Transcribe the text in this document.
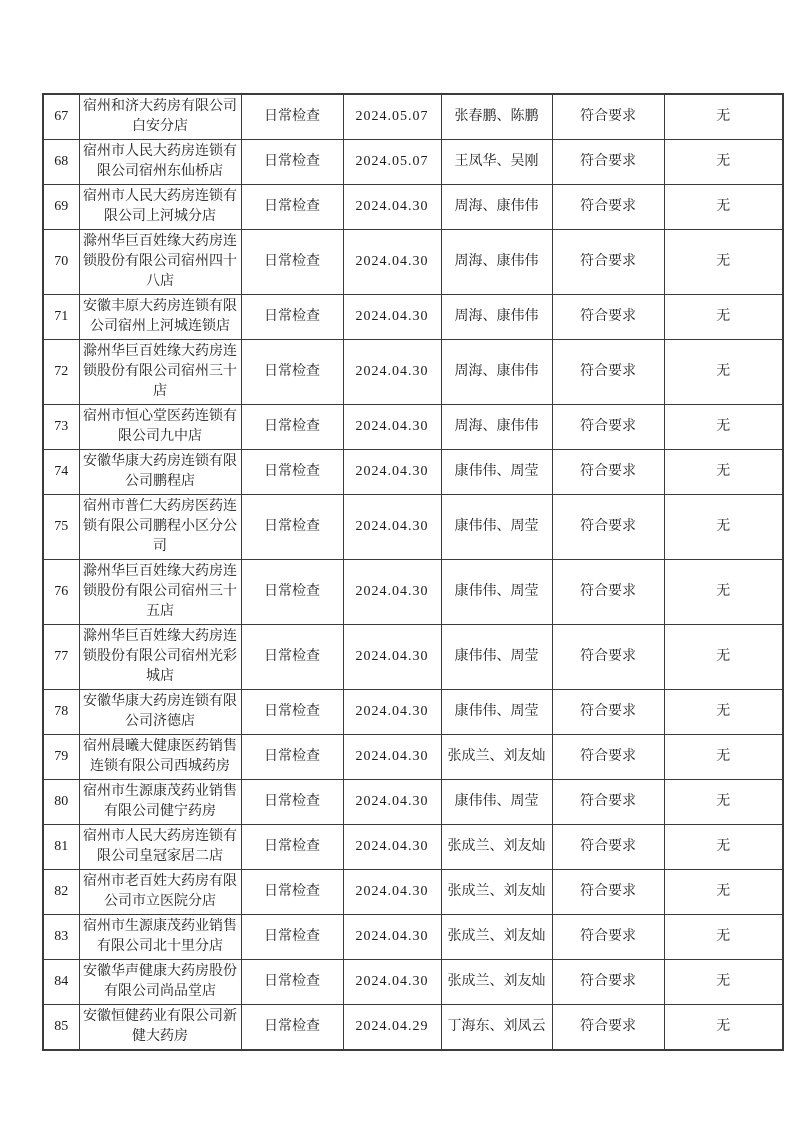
67	宿州和济大药房有限公司白安分店	日常检查	2024.05.07	张春鹏、陈鹏	符合要求	无
68	宿州市人民大药房连锁有限公司宿州东仙桥店	日常检查	2024.05.07	王凤华、吴刚	符合要求	无
69	宿州市人民大药房连锁有限公司上河城分店	日常检查	2024.04.30	周海、康伟伟	符合要求	无
70	滁州华巨百姓缘大药房连锁股份有限公司宿州四十八店	日常检查	2024.04.30	周海、康伟伟	符合要求	无
71	安徽丰原大药房连锁有限公司宿州上河城连锁店	日常检查	2024.04.30	周海、康伟伟	符合要求	无
72	滁州华巨百姓缘大药房连锁股份有限公司宿州三十店	日常检查	2024.04.30	周海、康伟伟	符合要求	无
73	宿州市恒心堂医药连锁有限公司九中店	日常检查	2024.04.30	周海、康伟伟	符合要求	无
74	安徽华康大药房连锁有限公司鹏程店	日常检查	2024.04.30	康伟伟、周莹	符合要求	无
75	宿州市普仁大药房医药连锁有限公司鹏程小区分公司	日常检查	2024.04.30	康伟伟、周莹	符合要求	无
76	滁州华巨百姓缘大药房连锁股份有限公司宿州三十五店	日常检查	2024.04.30	康伟伟、周莹	符合要求	无
77	滁州华巨百姓缘大药房连锁股份有限公司宿州光彩城店	日常检查	2024.04.30	康伟伟、周莹	符合要求	无
78	安徽华康大药房连锁有限公司济德店	日常检查	2024.04.30	康伟伟、周莹	符合要求	无
79	宿州晨曦大健康医药销售连锁有限公司西城药房	日常检查	2024.04.30	张成兰、刘友灿	符合要求	无
80	宿州市生源康茂药业销售有限公司健宁药房	日常检查	2024.04.30	康伟伟、周莹	符合要求	无
81	宿州市人民大药房连锁有限公司皇冠家居二店	日常检查	2024.04.30	张成兰、刘友灿	符合要求	无
82	宿州市老百姓大药房有限公司市立医院分店	日常检查	2024.04.30	张成兰、刘友灿	符合要求	无
83	宿州市生源康茂药业销售有限公司北十里分店	日常检查	2024.04.30	张成兰、刘友灿	符合要求	无
84	安徽华声健康大药房股份有限公司尚品堂店	日常检查	2024.04.30	张成兰、刘友灿	符合要求	无
85	安徽恒健药业有限公司新健大药房	日常检查	2024.04.29	丁海东、刘凤云	符合要求	无
